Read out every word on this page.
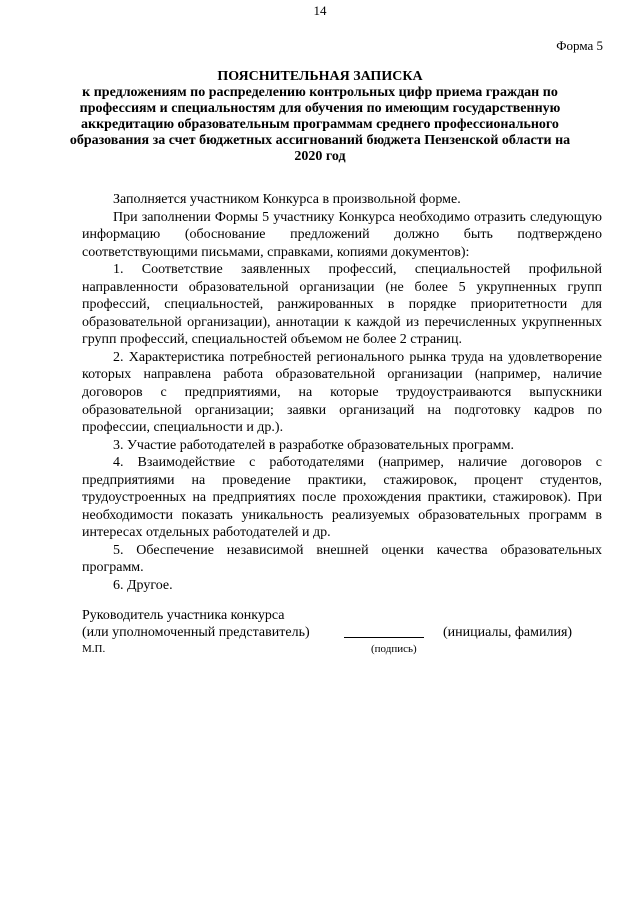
14
Форма 5
ПОЯСНИТЕЛЬНАЯ ЗАПИСКА
к предложениям по распределению контрольных цифр приема граждан по профессиям и специальностям для обучения по имеющим государственную аккредитацию образовательным программам среднего профессионального образования за счет бюджетных ассигнований бюджета Пензенской области на 2020 год

Заполняется участником Конкурса в произвольной форме.

При заполнении Формы 5 участнику Конкурса необходимо отразить следующую информацию (обоснование предложений должно быть подтверждено соответствующими письмами, справками, копиями документов):

1. Соответствие заявленных профессий, специальностей профильной направленности образовательной организации (не более 5 укрупненных групп профессий, специальностей, ранжированных в порядке приоритетности для образовательной организации), аннотации к каждой из перечисленных укрупненных групп профессий, специальностей объемом не более 2 страниц.

2. Характеристика потребностей регионального рынка труда на удовлетворение которых направлена работа образовательной организации (например, наличие договоров с предприятиями, на которые трудоустраиваются выпускники образовательной организации; заявки организаций на подготовку кадров по профессии, специальности и др.).

3. Участие работодателей в разработке образовательных программ.

4. Взаимодействие с работодателями (например, наличие договоров с предприятиями на проведение практики, стажировок, процент студентов, трудоустроенных на предприятиях после прохождения практики, стажировок). При необходимости показать уникальность реализуемых образовательных программ в интересах отдельных работодателей и др.

5. Обеспечение независимой внешней оценки качества образовательных программ.

6. Другое.

Руководитель участника конкурса
(или уполномоченный представитель)	(инициалы, фамилия)
М.П.	(подпись)
